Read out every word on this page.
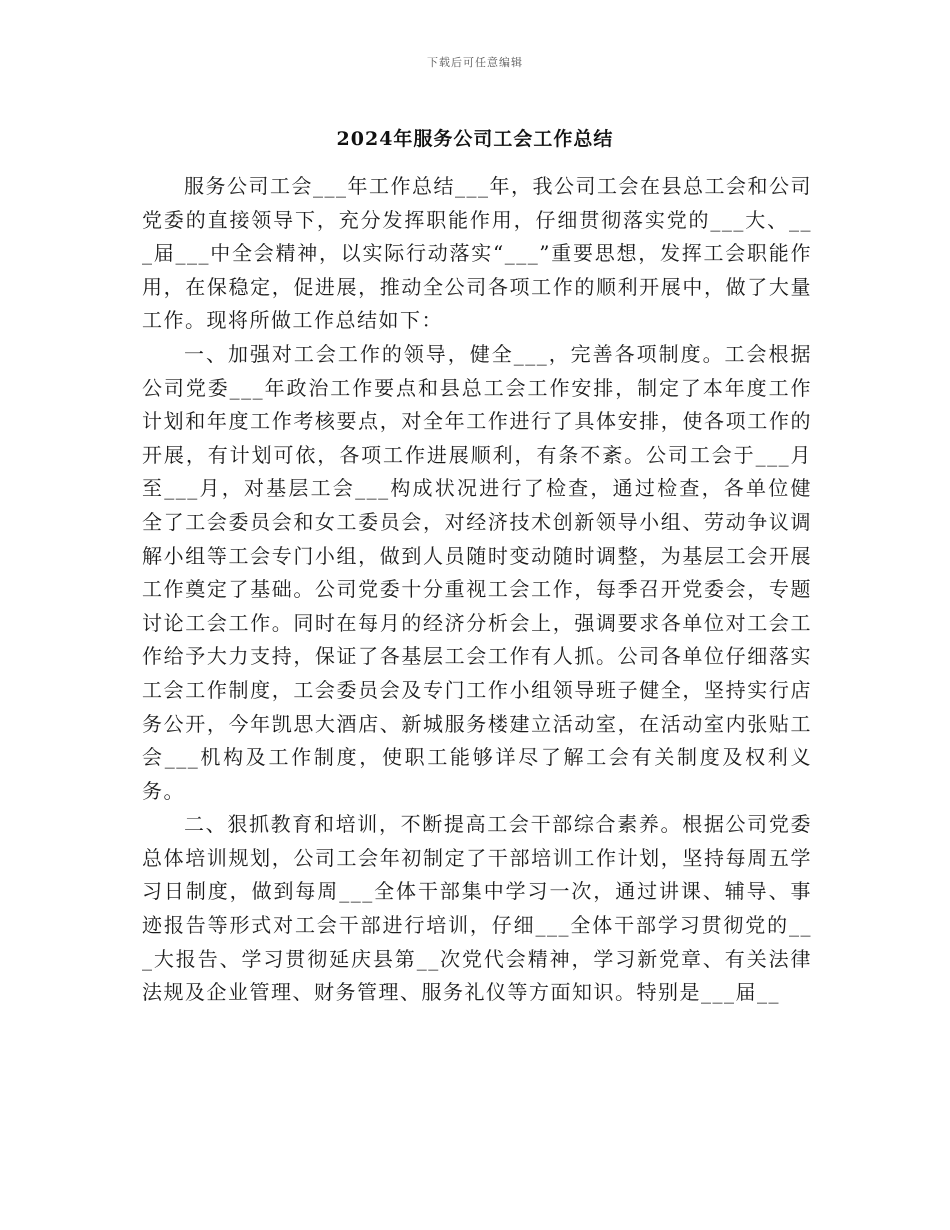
下载后可任意编辑
2024年服务公司工会工作总结

服务公司工会___年工作总结___年，我公司工会在县总工会和公司党委的直接领导下，充分发挥职能作用，仔细贯彻落实党的___大、___届___中全会精神，以实际行动落实“___”重要思想，发挥工会职能作用，在保稳定，促进展，推动全公司各项工作的顺利开展中，做了大量工作。现将所做工作总结如下：

一、加强对工会工作的领导，健全___，完善各项制度。工会根据公司党委___年政治工作要点和县总工会工作安排，制定了本年度工作计划和年度工作考核要点，对全年工作进行了具体安排，使各项工作的开展，有计划可依，各项工作进展顺利，有条不紊。公司工会于___月至___月，对基层工会___构成状况进行了检查，通过检查，各单位健全了工会委员会和女工委员会，对经济技术创新领导小组、劳动争议调解小组等工会专门小组，做到人员随时变动随时调整，为基层工会开展工作奠定了基础。公司党委十分重视工会工作，每季召开党委会，专题讨论工会工作。同时在每月的经济分析会上，强调要求各单位对工会工作给予大力支持，保证了各基层工会工作有人抓。公司各单位仔细落实工会工作制度，工会委员会及专门工作小组领导班子健全，坚持实行店务公开，今年凯思大酒店、新城服务楼建立活动室，在活动室内张贴工会___机构及工作制度，使职工能够详尽了解工会有关制度及权利义务。

二、狠抓教育和培训，不断提高工会干部综合素养。根据公司党委总体培训规划，公司工会年初制定了干部培训工作计划，坚持每周五学习日制度，做到每周___全体干部集中学习一次，通过讲课、辅导、事迹报告等形式对工会干部进行培训，仔细___全体干部学习贯彻党的___大报告、学习贯彻延庆县第__次党代会精神，学习新党章、有关法律法规及企业管理、财务管理、服务礼仪等方面知识。特别是___届__
